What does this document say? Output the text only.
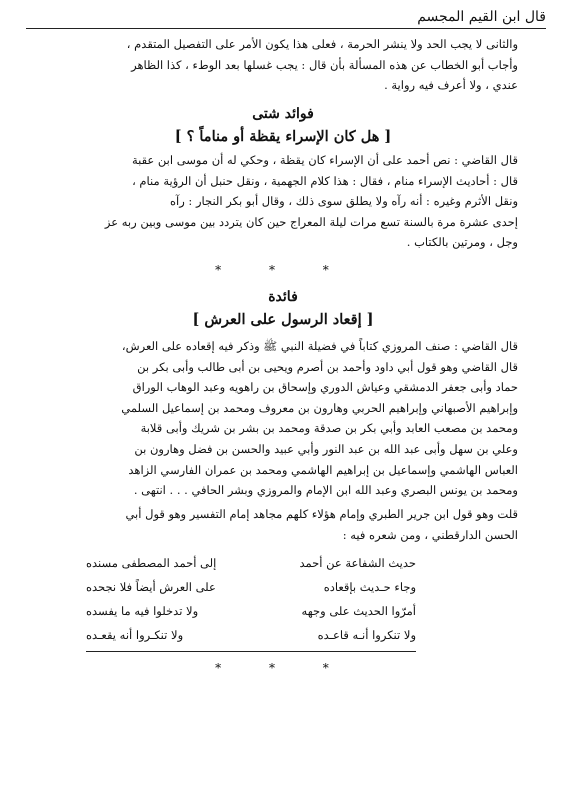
قال ابن القيم المجسم
والثانى لا يجب الحد ولا ينشر الحرمة ، فعلى هذا يكون الأمر على التفصيل المتقدم ،
وأجاب أبو الخطاب عن هذه المسألة بأن قال : يجب غسلها بعد الوطء ، كذا الظاهر
عندي ، ولا أعرف فيه رواية .
فوائد شتى
[ هل كان الإسراء يقظة أو مناماً ؟ ]
قال القاضي : نص أحمد على أن الإسراء كان يقظة ، وحكي له أن موسى ابن عقبة
قال : أحاديث الإسراء منام ، فقال : هذا كلام الجهمية ، ونقل حنبل أن الرؤية منام ،
ونقل الأثرم وغيره : أنه رآه ولا يطلق سوى ذلك ، وقال أبو بكر النجار : رآه
إحدى عشرة مرة بالسنة تسع مرات ليلة المعراج حين كان يتردد بين موسى وبين ربه عز
وجل ، ومرتين بالكتاب .
* * *
فائدة
[ إقعاد الرسول على العرش ]
قال القاضي : صنف المروزي كتاباً في فضيلة النبي ﷺ وذكر فيه إقعاده على العرش،
قال القاضي وهو قول أبي داود وأحمد بن أصرم ويحيى بن أبى طالب وأبى بكر بن
حماد وأبى جعفر الدمشقي وعياش الدوري وإسحاق بن راهويه وعبد الوهاب الوراق
وإبراهيم الأصبهاني وإبراهيم الحربي وهارون بن معروف ومحمد بن إسماعيل السلمي
ومحمد بن مصعب العابد وأبي بكر بن صدقة ومحمد بن بشر بن شريك وأبى قلابة
وعلي بن سهل وأبى عبد الله بن عبد النور وأبي عبيد والحسن بن فضل وهارون بن
العباس الهاشمي وإسماعيل بن إبراهيم الهاشمي ومحمد بن عمران الفارسي الزاهد
ومحمد بن يونس البصري وعبد الله ابن الإمام والمروزي وبشر الحافي . . . انتهى .
قلت وهو قول ابن جرير الطبري وإمام هؤلاء كلهم مجاهد إمام التفسير وهو قول أبي
الحسن الدارقطني ، ومن شعره فيه :
حديث الشفاعة عن أحمد
إلى أحمد المصطفى مسنده
وجاء حـديث بإقعاده
على العرش أيضاً فلا نجحده
أمرّوا الحديث على وجهه
ولا تدخلوا فيه ما يفسده
ولا تنكروا أنـه قاعـده
ولا تنكـروا أنه يقعـده
* * *
